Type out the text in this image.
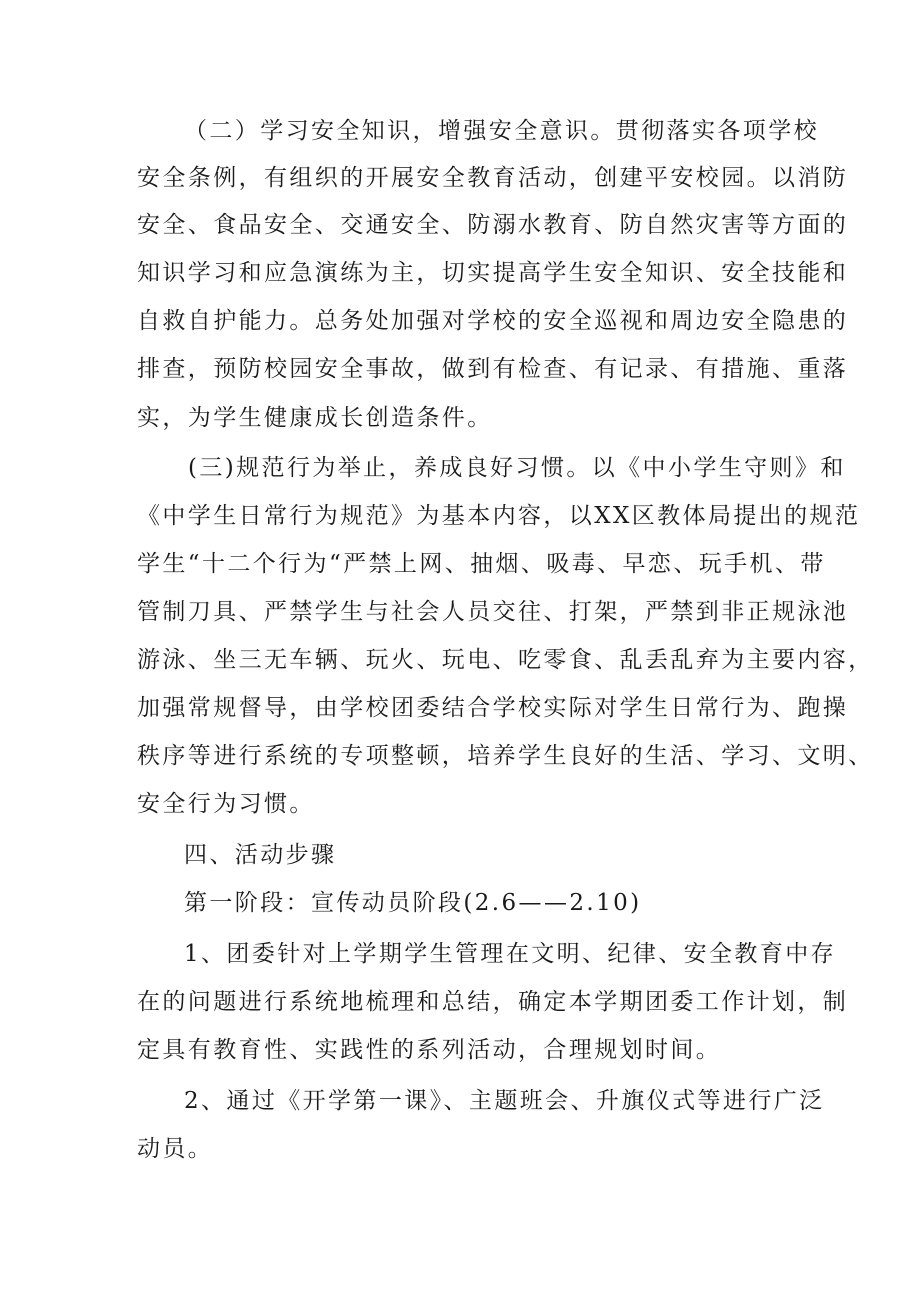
（二）学习安全知识，增强安全意识。贯彻落实各项学校
安全条例，有组织的开展安全教育活动，创建平安校园。以消防
安全、食品安全、交通安全、防溺水教育、防自然灾害等方面的
知识学习和应急演练为主，切实提高学生安全知识、安全技能和
自救自护能力。总务处加强对学校的安全巡视和周边安全隐患的
排查，预防校园安全事故，做到有检查、有记录、有措施、重落
实，为学生健康成长创造条件。
(三)规范行为举止，养成良好习惯。以《中小学生守则》和
《中学生日常行为规范》为基本内容，以XX区教体局提出的规范
学生“十二个行为“严禁上网、抽烟、吸毒、早恋、玩手机、带
管制刀具、严禁学生与社会人员交往、打架，严禁到非正规泳池
游泳、坐三无车辆、玩火、玩电、吃零食、乱丢乱弃为主要内容，
加强常规督导，由学校团委结合学校实际对学生日常行为、跑操
秩序等进行系统的专项整顿，培养学生良好的生活、学习、文明、
安全行为习惯。
四、活动步骤
第一阶段：宣传动员阶段(2.6——2.10)
1、团委针对上学期学生管理在文明、纪律、安全教育中存
在的问题进行系统地梳理和总结，确定本学期团委工作计划，制
定具有教育性、实践性的系列活动，合理规划时间。
2、通过《开学第一课》、主题班会、升旗仪式等进行广泛
动员。
